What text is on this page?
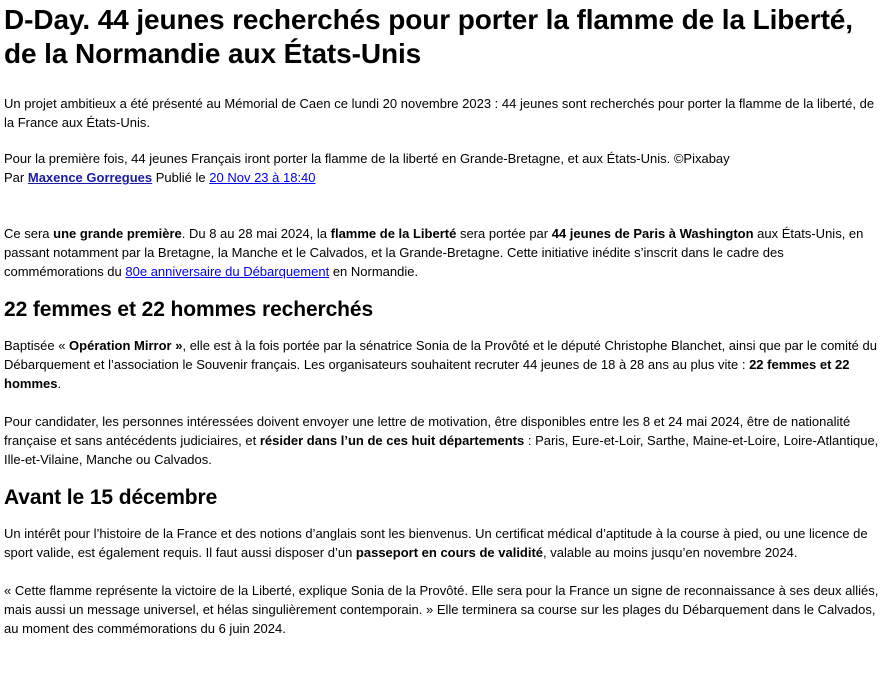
D-Day. 44 jeunes recherchés pour porter la flamme de la Liberté, de la Normandie aux États-Unis

Un projet ambitieux a été présenté au Mémorial de Caen ce lundi 20 novembre 2023 : 44 jeunes sont recherchés pour porter la flamme de la liberté, de la France aux États-Unis.

Pour la première fois, 44 jeunes Français iront porter la flamme de la liberté en Grande-Bretagne, et aux États-Unis. ©Pixabay

Par Maxence Gorregues Publié le 20 Nov 23 à 18:40

Ce sera une grande première. Du 8 au 28 mai 2024, la flamme de la Liberté sera portée par 44 jeunes de Paris à Washington aux États-Unis, en passant notamment par la Bretagne, la Manche et le Calvados, et la Grande-Bretagne. Cette initiative inédite s’inscrit dans le cadre des commémorations du 80e anniversaire du Débarquement en Normandie.

22 femmes et 22 hommes recherchés

Baptisée « Opération Mirror », elle est à la fois portée par la sénatrice Sonia de la Provôté et le député Christophe Blanchet, ainsi que par le comité du Débarquement et l’association le Souvenir français. Les organisateurs souhaitent recruter 44 jeunes de 18 à 28 ans au plus vite : 22 femmes et 22 hommes.

Pour candidater, les personnes intéressées doivent envoyer une lettre de motivation, être disponibles entre les 8 et 24 mai 2024, être de nationalité française et sans antécédents judiciaires, et résider dans l’un de ces huit départements : Paris, Eure-et-Loir, Sarthe, Maine-et-Loire, Loire-Atlantique, Ille-et-Vilaine, Manche ou Calvados.

Avant le 15 décembre

Un intérêt pour l’histoire de la France et des notions d’anglais sont les bienvenus. Un certificat médical d’aptitude à la course à pied, ou une licence de sport valide, est également requis. Il faut aussi disposer d’un passeport en cours de validité, valable au moins jusqu’en novembre 2024.

« Cette flamme représente la victoire de la Liberté, explique Sonia de la Provôté. Elle sera pour la France un signe de reconnaissance à ses deux alliés, mais aussi un message universel, et hélas singulièrement contemporain. » Elle terminera sa course sur les plages du Débarquement dans le Calvados, au moment des commémorations du 6 juin 2024.
